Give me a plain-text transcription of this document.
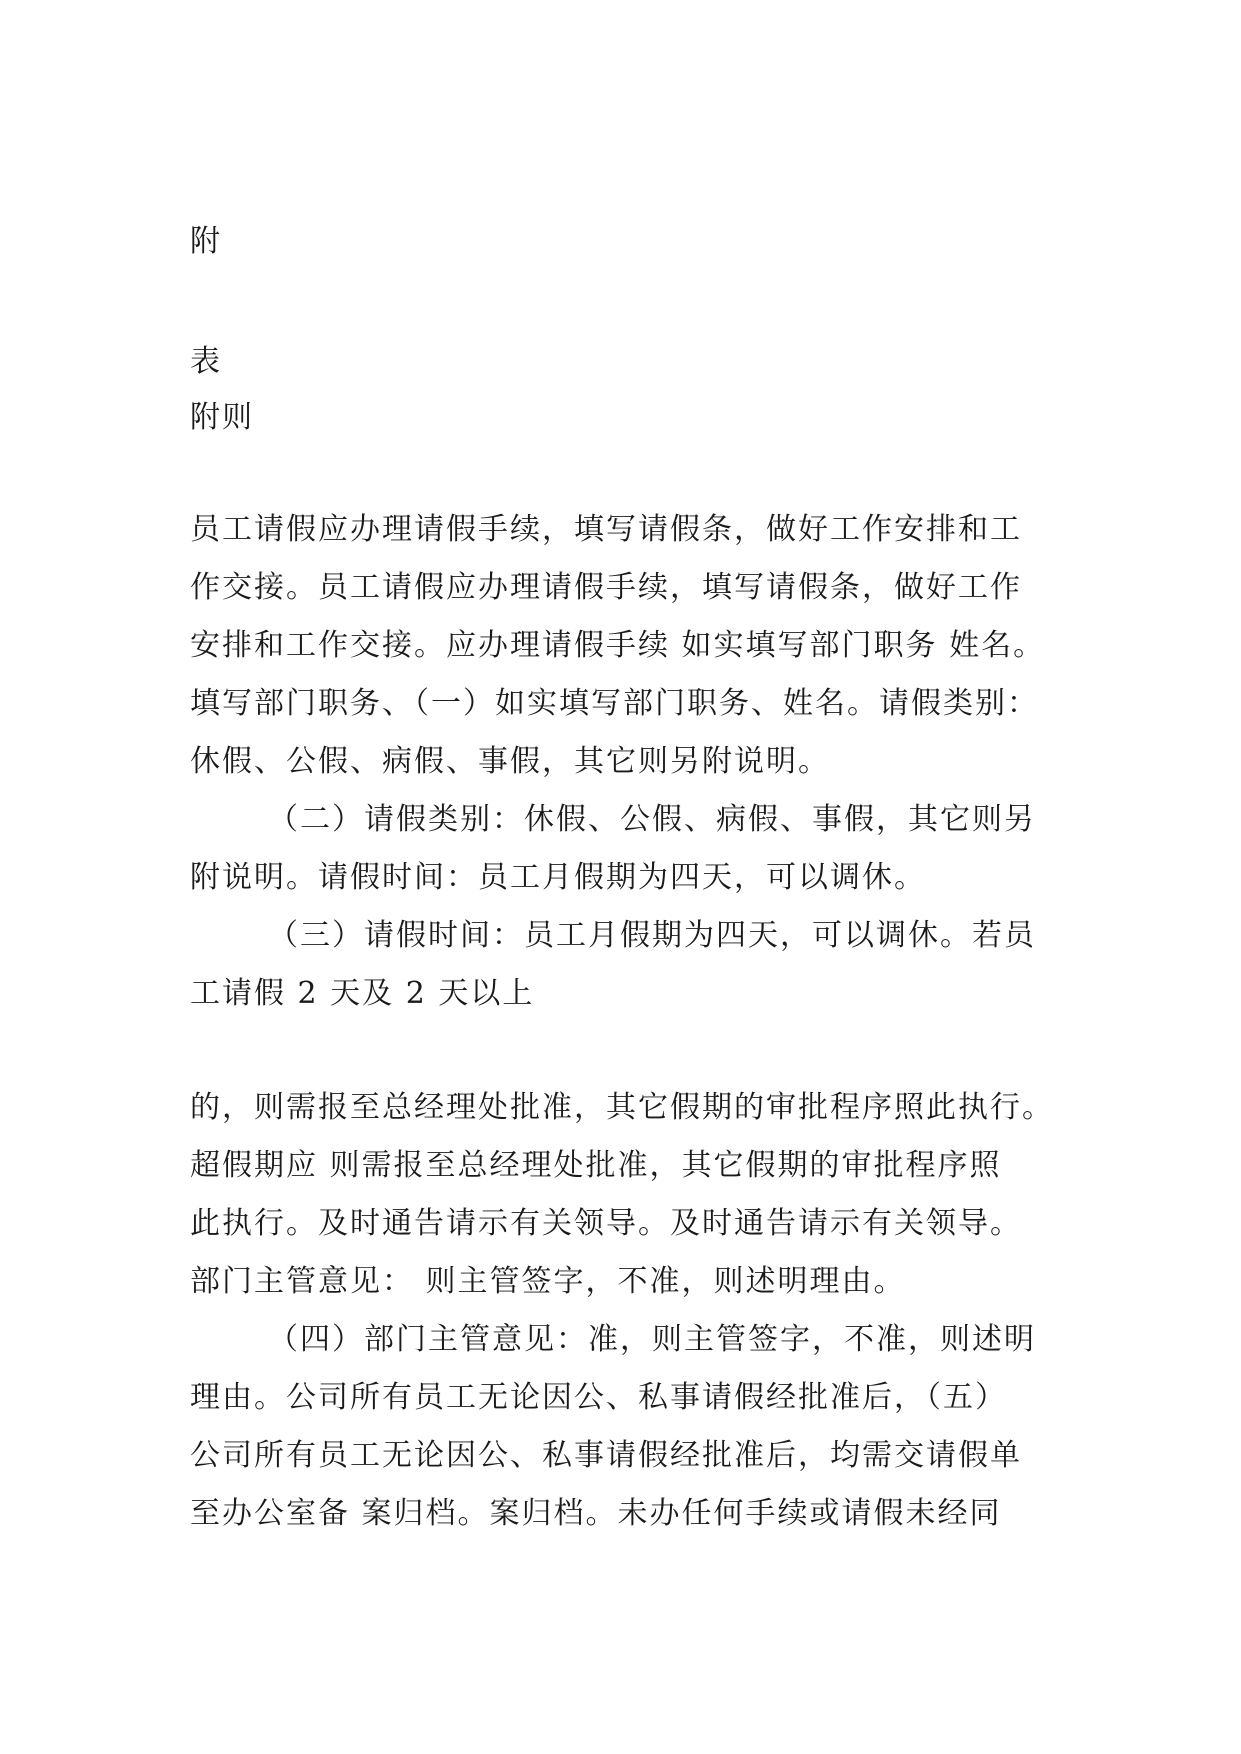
附
表
附则
员工请假应办理请假手续，填写请假条，做好工作安排和工
作交接。员工请假应办理请假手续，填写请假条，做好工作
安排和工作交接。应办理请假手续 如实填写部门职务 姓名。
填写部门职务、（一）如实填写部门职务、姓名。请假类别：
休假、公假、病假、事假，其它则另附说明。
（二）请假类别：休假、公假、病假、事假，其它则另
附说明。请假时间：员工月假期为四天，可以调休。
（三）请假时间：员工月假期为四天，可以调休。若员
工请假 2 天及 2 天以上
的，则需报至总经理处批准，其它假期的审批程序照此执行。
超假期应 则需报至总经理处批准，其它假期的审批程序照
此执行。及时通告请示有关领导。及时通告请示有关领导。
部门主管意见： 则主管签字，不准，则述明理由。
（四）部门主管意见：准，则主管签字，不准，则述明
理由。公司所有员工无论因公、私事请假经批准后，（五）
公司所有员工无论因公、私事请假经批准后，均需交请假单
至办公室备 案归档。案归档。未办任何手续或请假未经同
